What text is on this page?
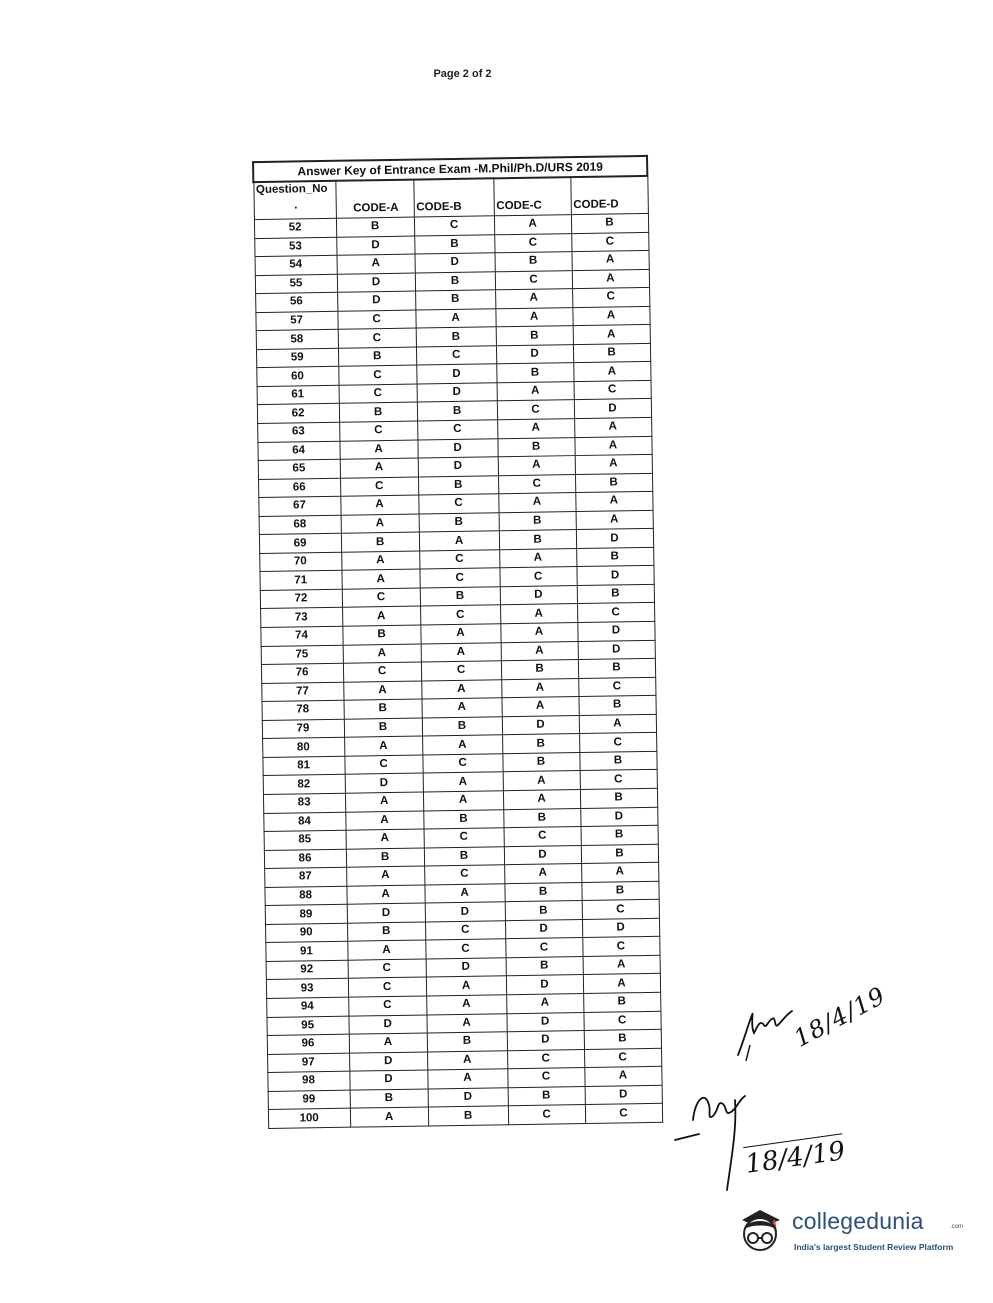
Page 2 of 2
Answer Key of Entrance Exam -M.Phil/Ph.D/URS 2019				
Question_No
.	CODE-A	CODE-B	CODE-C	CODE-D
52	B	C	A	B
53	D	B	C	C
54	A	D	B	A
55	D	B	C	A
56	D	B	A	C
57	C	A	A	A
58	C	B	B	A
59	B	C	D	B
60	C	D	B	A
61	C	D	A	C
62	B	B	C	D
63	C	C	A	A
64	A	D	B	A
65	A	D	A	A
66	C	B	C	B
67	A	C	A	A
68	A	B	B	A
69	B	A	B	D
70	A	C	A	B
71	A	C	C	D
72	C	B	D	B
73	A	C	A	C
74	B	A	A	D
75	A	A	A	D
76	C	C	B	B
77	A	A	A	C
78	B	A	A	B
79	B	B	D	A
80	A	A	B	C
81	C	C	B	B
82	D	A	A	C
83	A	A	A	B
84	A	B	B	D
85	A	C	C	B
86	B	B	D	B
87	A	C	A	A
88	A	A	B	B
89	D	D	B	C
90	B	C	D	D
91	A	C	C	C
92	C	D	B	A
93	C	A	D	A
94	C	A	A	B
95	D	A	D	C
96	A	B	D	B
97	D	A	C	C
98	D	A	C	A
99	B	D	B	D
100	A	B	C	C
18/4/19
18/4/19
collegedunia	.com
India's largest Student Review Platform
